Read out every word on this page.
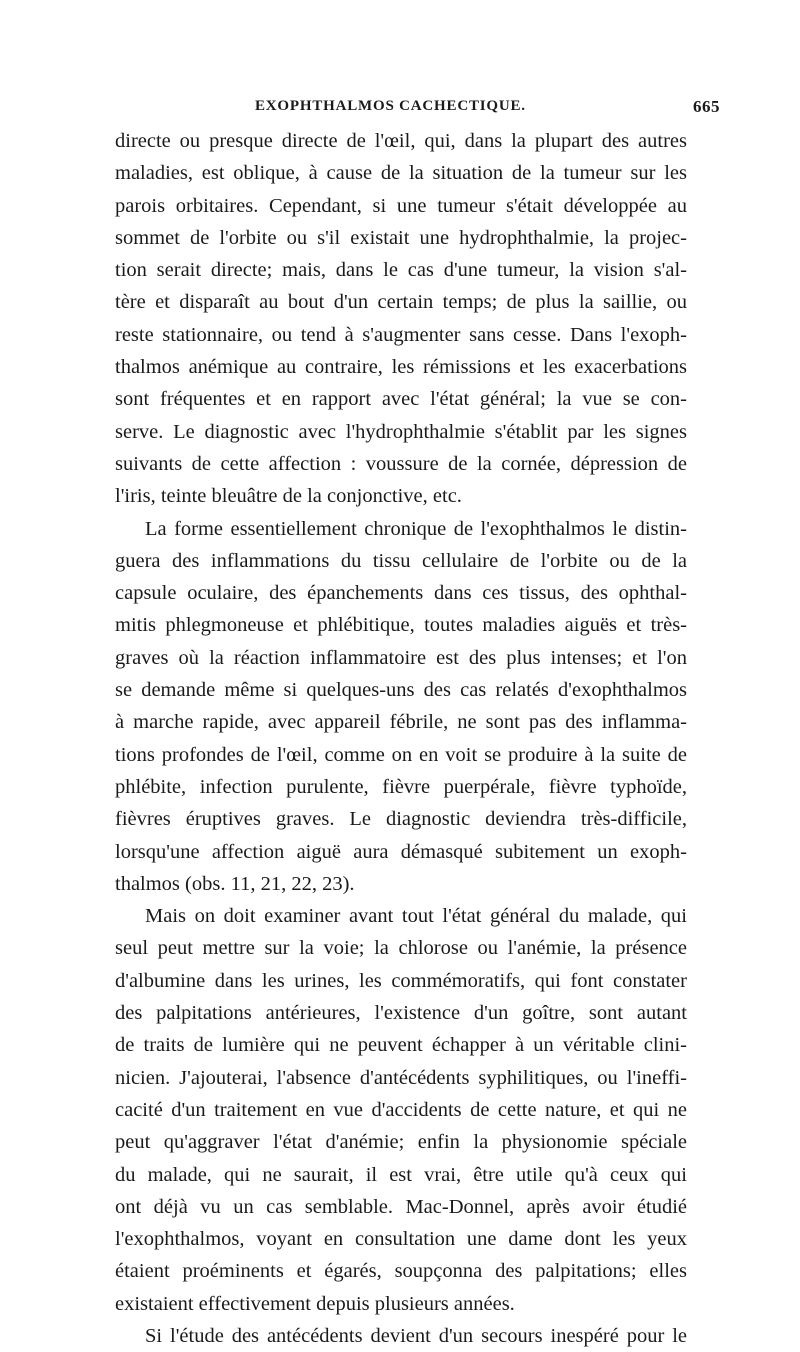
EXOPHTHALMOS CACHECTIQUE.	665
directe ou presque directe de l'œil, qui, dans la plupart des autres
maladies, est oblique, à cause de la situation de la tumeur sur les
parois orbitaires. Cependant, si une tumeur s'était développée au
sommet de l'orbite ou s'il existait une hydrophthalmie, la projec-
tion serait directe; mais, dans le cas d'une tumeur, la vision s'al-
tère et disparaît au bout d'un certain temps; de plus la saillie, ou
reste stationnaire, ou tend à s'augmenter sans cesse. Dans l'exoph-
thalmos anémique au contraire, les rémissions et les exacerbations
sont fréquentes et en rapport avec l'état général; la vue se con-
serve. Le diagnostic avec l'hydrophthalmie s'établit par les signes
suivants de cette affection : voussure de la cornée, dépression de
l'iris, teinte bleuâtre de la conjonctive, etc.
La forme essentiellement chronique de l'exophthalmos le distin-
guera des inflammations du tissu cellulaire de l'orbite ou de la
capsule oculaire, des épanchements dans ces tissus, des ophthal-
mitis phlegmoneuse et phlébitique, toutes maladies aiguës et très-
graves où la réaction inflammatoire est des plus intenses; et l'on
se demande même si quelques-uns des cas relatés d'exophthalmos
à marche rapide, avec appareil fébrile, ne sont pas des inflamma-
tions profondes de l'œil, comme on en voit se produire à la suite de
phlébite, infection purulente, fièvre puerpérale, fièvre typhoïde,
fièvres éruptives graves. Le diagnostic deviendra très-difficile,
lorsqu'une affection aiguë aura démasqué subitement un exoph-
thalmos (obs. 11, 21, 22, 23).
Mais on doit examiner avant tout l'état général du malade, qui
seul peut mettre sur la voie; la chlorose ou l'anémie, la présence
d'albumine dans les urines, les commémoratifs, qui font constater
des palpitations antérieures, l'existence d'un goître, sont autant
de traits de lumière qui ne peuvent échapper à un véritable clini-
nicien. J'ajouterai, l'absence d'antécédents syphilitiques, ou l'ineffi-
cacité d'un traitement en vue d'accidents de cette nature, et qui ne
peut qu'aggraver l'état d'anémie; enfin la physionomie spéciale
du malade, qui ne saurait, il est vrai, être utile qu'à ceux qui
ont déjà vu un cas semblable. Mac-Donnel, après avoir étudié
l'exophthalmos, voyant en consultation une dame dont les yeux
étaient proéminents et égarés, soupçonna des palpitations; elles
existaient effectivement depuis plusieurs années.
Si l'étude des antécédents devient d'un secours inespéré pour le
